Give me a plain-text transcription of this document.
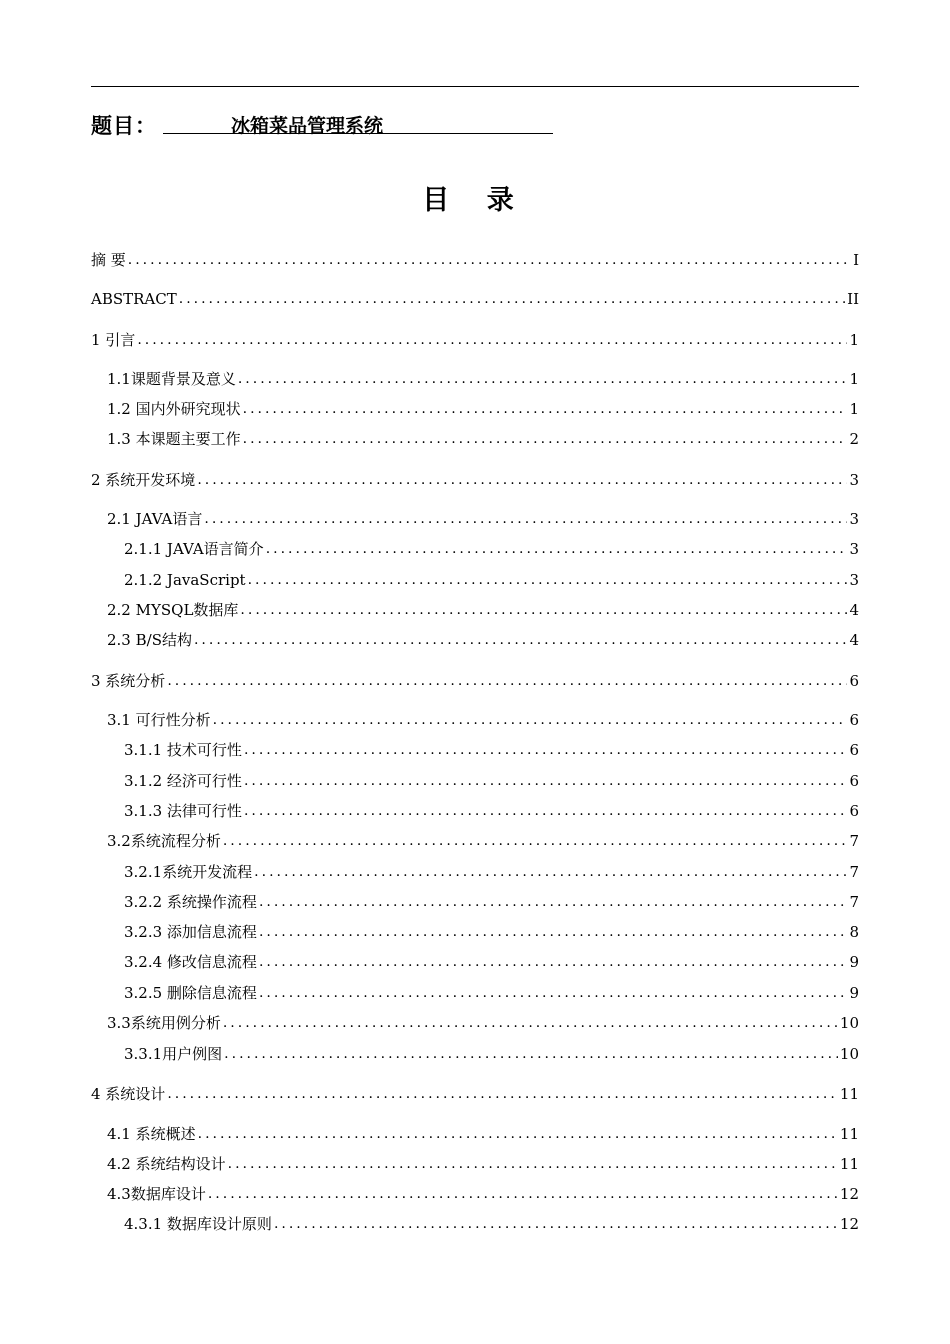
题目：	冰箱菜品管理系统
目 录
摘 要 .....	I
ABSTRACT .....	II
1 引言 .....	1
1.1课题背景及意义 .....	1
1.2 国内外研究现状 .....	1
1.3 本课题主要工作 .....	2
2 系统开发环境 .....	3
2.1 JAVA语言 .....	3
2.1.1 JAVA语言简介 .....	3
2.1.2 JavaScript .....	3
2.2 MYSQL数据库 .....	4
2.3 B/S结构 .....	4
3 系统分析 .....	6
3.1 可行性分析 .....	6
3.1.1 技术可行性 .....	6
3.1.2 经济可行性 .....	6
3.1.3 法律可行性 .....	6
3.2系统流程分析 .....	7
3.2.1系统开发流程 .....	7
3.2.2 系统操作流程 .....	7
3.2.3 添加信息流程 .....	8
3.2.4 修改信息流程 .....	9
3.2.5 删除信息流程 .....	9
3.3系统用例分析 .....	10
3.3.1用户例图 .....	10
4 系统设计 .....	11
4.1 系统概述 .....	11
4.2 系统结构设计 .....	11
4.3数据库设计 .....	12
4.3.1 数据库设计原则 .....	12
